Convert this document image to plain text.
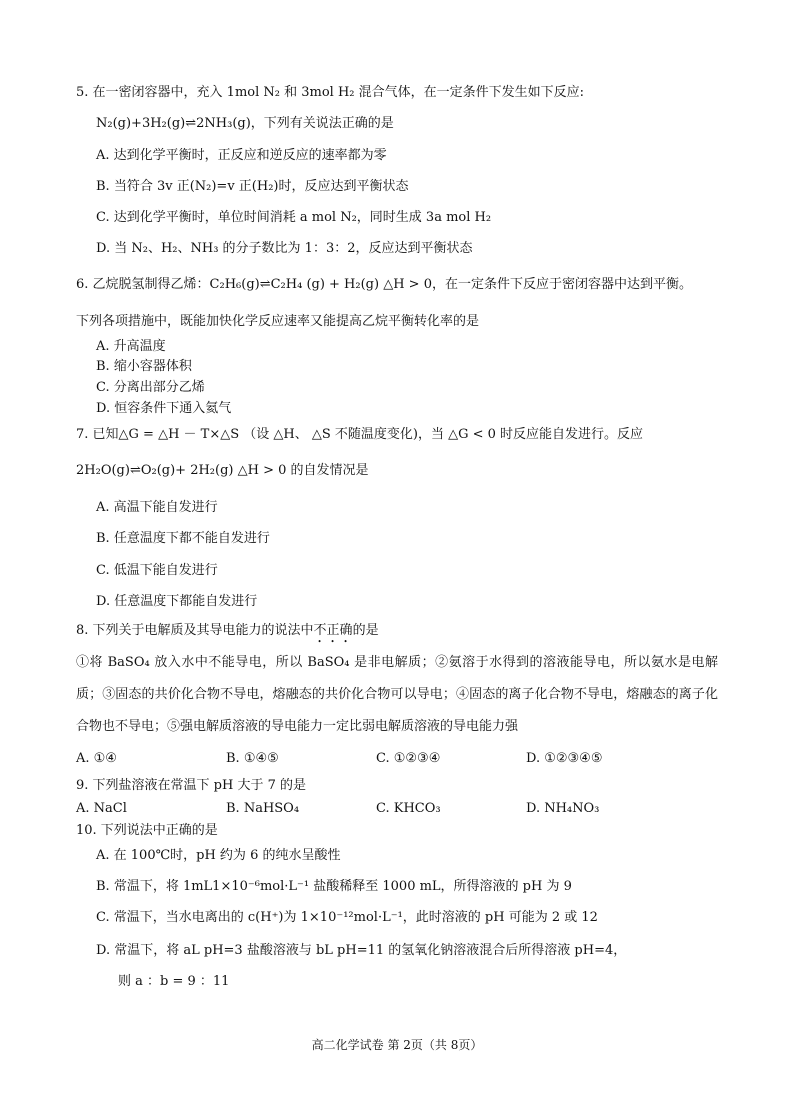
5. 在一密闭容器中，充入 1mol N₂ 和 3mol H₂ 混合气体，在一定条件下发生如下反应:
N₂(g)+3H₂(g)⇌2NH₃(g)，下列有关说法正确的是
A. 达到化学平衡时，正反应和逆反应的速率都为零
B. 当符合 3v 正(N₂)=v 正(H₂)时，反应达到平衡状态
C. 达到化学平衡时，单位时间消耗 a mol N₂，同时生成 3a mol H₂
D. 当 N₂、H₂、NH₃ 的分子数比为 1：3：2，反应达到平衡状态
6. 乙烷脱氢制得乙烯：C₂H₆(g)⇌C₂H₄ (g) + H₂(g) △H > 0，在一定条件下反应于密闭容器中达到平衡。
下列各项措施中，既能加快化学反应速率又能提高乙烷平衡转化率的是
A. 升高温度
B. 缩小容器体积
C. 分离出部分乙烯
D. 恒容条件下通入氦气
7. 已知△G = △H － T×△S （设 △H、 △S 不随温度变化)，当 △G < 0 时反应能自发进行。反应
2H₂O(g)⇌O₂(g)+ 2H₂(g) △H > 0 的自发情况是
A. 高温下能自发进行
B. 任意温度下都不能自发进行
C. 低温下能自发进行
D. 任意温度下都能自发进行
8. 下列关于电解质及其导电能力的说法中不正确的是
①将 BaSO₄ 放入水中不能导电，所以 BaSO₄ 是非电解质；②氨溶于水得到的溶液能导电，所以氨水是电解质；③固态的共价化合物不导电，熔融态的共价化合物可以导电；④固态的离子化合物不导电，熔融态的离子化合物也不导电；⑤强电解质溶液的导电能力一定比弱电解质溶液的导电能力强
A. ①④	B. ①④⑤	C. ①②③④	D. ①②③④⑤
9. 下列盐溶液在常温下 pH 大于 7 的是
A. NaCl	B. NaHSO₄	C. KHCO₃	D. NH₄NO₃
10. 下列说法中正确的是
A. 在 100℃时，pH 约为 6 的纯水呈酸性
B. 常温下，将 1mL1×10⁻⁶mol·L⁻¹ 盐酸稀释至 1000 mL，所得溶液的 pH 为 9
C. 常温下，当水电离出的 c(H⁺)为 1×10⁻¹²mol·L⁻¹，此时溶液的 pH 可能为 2 或 12
D. 常温下，将 aL pH=3 盐酸溶液与 bL pH=11 的氢氧化钠溶液混合后所得溶液 pH=4，
则 a ：b = 9 ：11
高二化学试卷 第 2页（共 8页）
